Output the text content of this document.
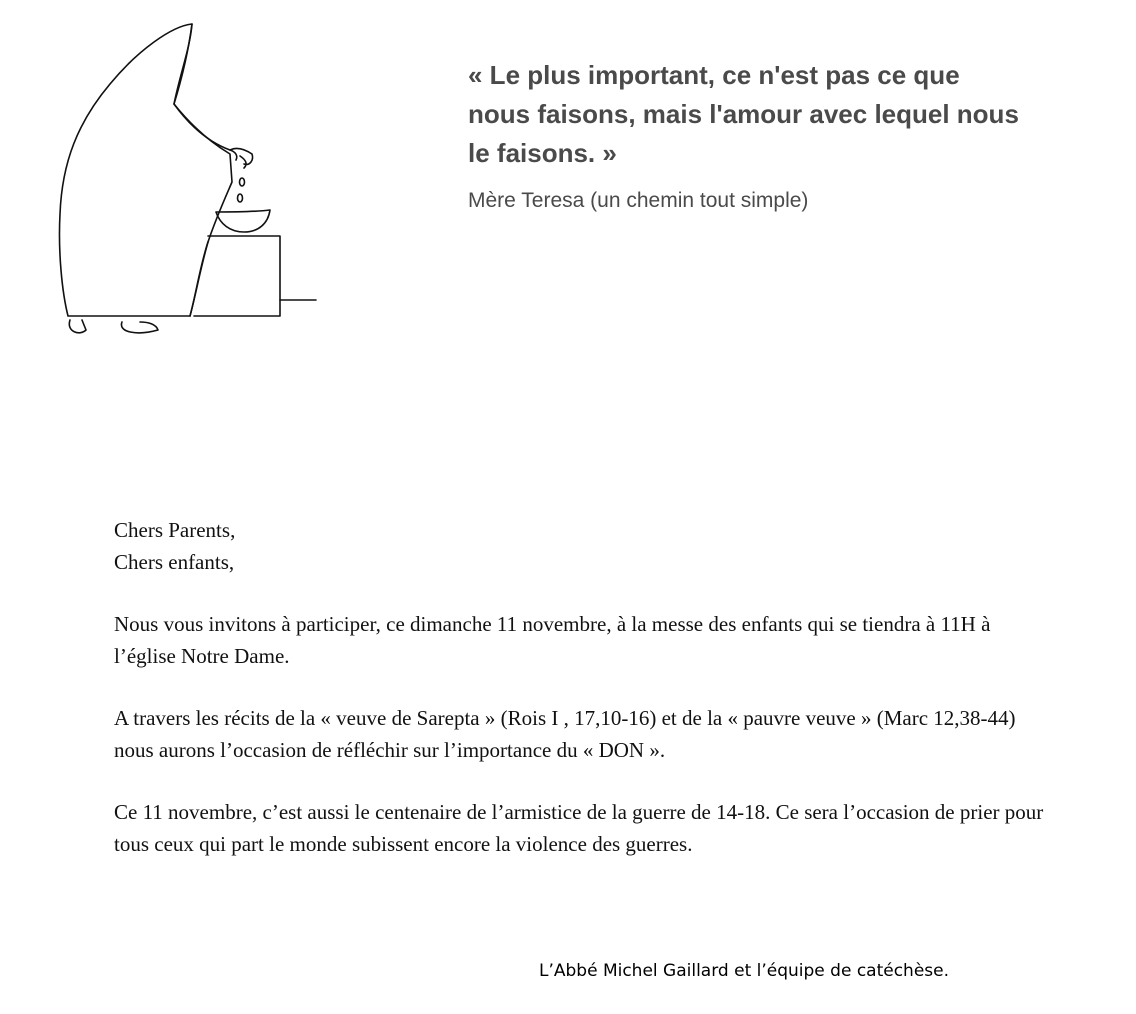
« Le plus important, ce n'est pas ce que nous faisons, mais l'amour avec lequel nous le faisons. »

Mère Teresa (un chemin tout simple)

Chers Parents,
Chers enfants,

Nous vous invitons à participer, ce dimanche 11 novembre, à la messe des enfants qui se tiendra à 11H à l’église Notre Dame.

A travers les récits de la « veuve de Sarepta » (Rois I , 17,10-16) et de la « pauvre veuve » (Marc 12,38-44) nous aurons l’occasion de réfléchir sur l’importance du « DON ».

Ce 11 novembre, c’est aussi le centenaire de l’armistice de la guerre de 14-18. Ce sera l’occasion de prier pour tous ceux qui part le monde subissent encore la violence des guerres.

L’Abbé Michel Gaillard et l’équipe de catéchèse.
